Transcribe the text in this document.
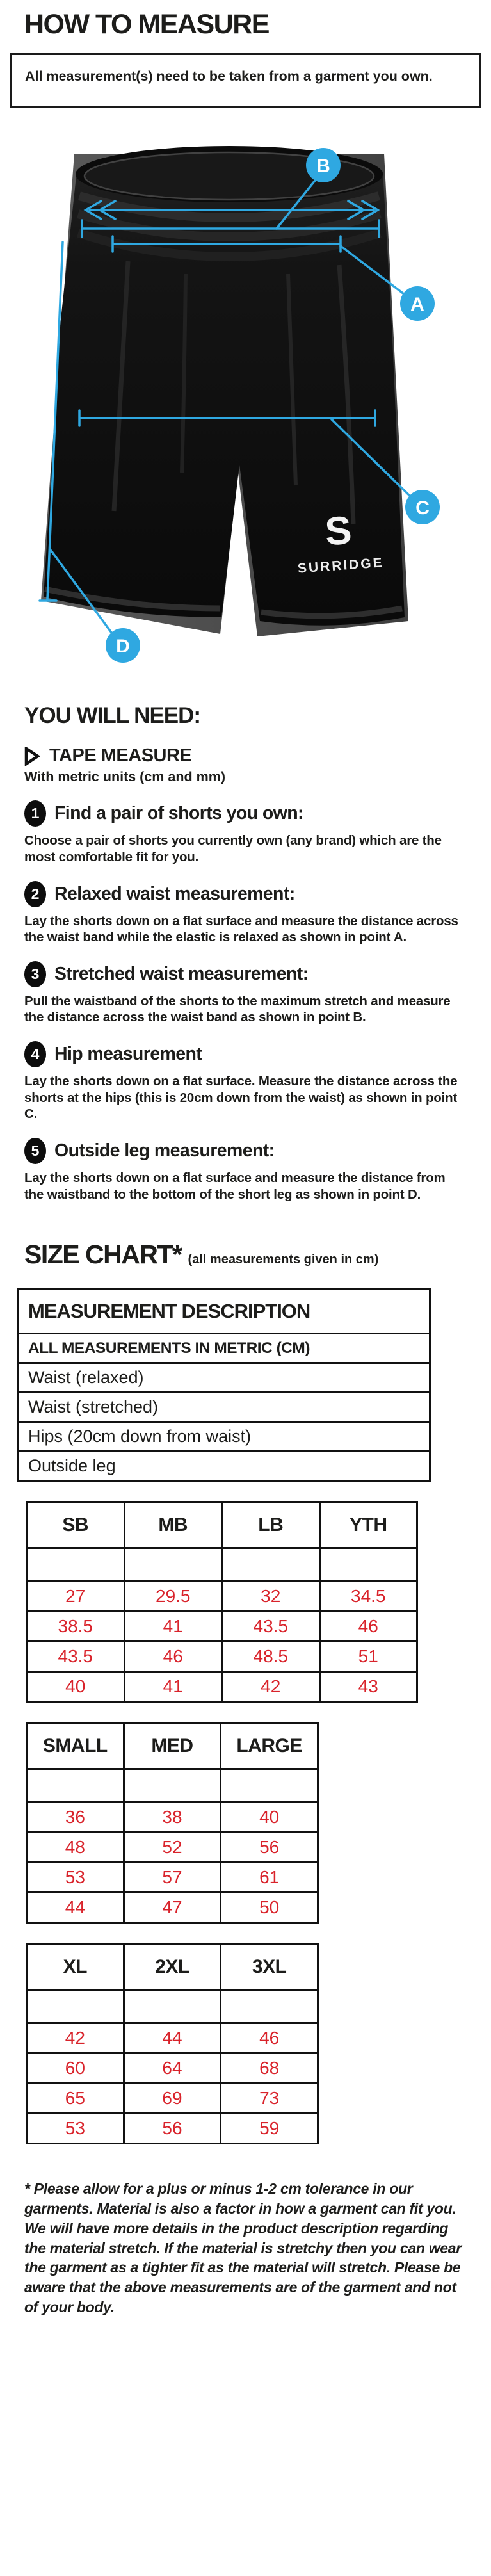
HOW TO MEASURE
All measurement(s) need to be taken from a garment you own.
S
SURRIDGE
B
A
C
D
YOU WILL NEED:
TAPE MEASURE
With metric units (cm and mm)
1 Find a pair of shorts you own:
Choose a pair of shorts you currently own (any brand) which are the most comfortable fit for you.
2 Relaxed waist measurement:
Lay the shorts down on a flat surface and measure the distance across the waist band while the elastic is relaxed as shown in point A.
3 Stretched waist measurement:
Pull the waistband of the shorts to the maximum stretch and measure the distance across the waist band as shown in point B.
4 Hip measurement
Lay the shorts down on a flat surface. Measure the distance across the shorts at the hips (this is 20cm down from the waist) as shown in point C.
5 Outside leg measurement:
Lay the shorts down on a flat surface and measure the distance from the waistband to the bottom of the short leg as shown in point D.
SIZE CHART* (all measurements given in cm)
MEASUREMENT DESCRIPTION
ALL MEASUREMENTS IN METRIC (CM)
Waist (relaxed)
Waist (stretched)
Hips (20cm down from waist)
Outside leg
SB	MB	LB	YTH

27	29.5	32	34.5
38.5	41	43.5	46
43.5	46	48.5	51
40	41	42	43
SMALL	MED	LARGE

36	38	40
48	52	56
53	57	61
44	47	50
XL	2XL	3XL

42	44	46
60	64	68
65	69	73
53	56	59
* Please allow for a plus or minus 1-2 cm tolerance in our garments. Material is also a factor in how a garment can fit you. We will have more details in the product description regarding the material stretch. If the material is stretchy then you can wear the garment as a tighter fit as the material will stretch. Please be aware that the above measurements are of the garment and not of your body.
